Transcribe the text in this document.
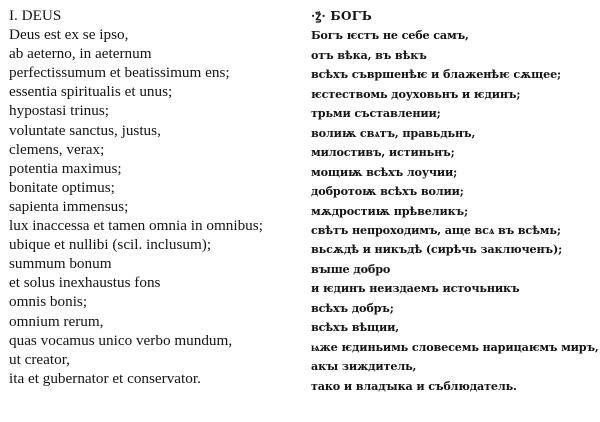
I. DEUS
Deus est ex se ipso,
ab aeterno, in aeternum
perfectissumum et beatissimum ens;
essentia spiritualis et unus;
hypostasi trinus;
voluntate sanctus, justus,
clemens, verax;
potentia maximus;
bonitate optimus;
sapienta immensus;
lux inaccessa et tamen omnia in omnibus;
ubique et nullibi (scil. inclusum);
summum bonum
et solus inexhaustus fons
omnis bonis;
omnium rerum,
quas vocamus unico verbo mundum,
ut creator,
ita et gubernator et conservator.
·ꙁ҃· БОГЪ
Богъ ѥстъ не себе самъ,
отъ вѣка, въ вѣкъ
всѣхъ съвршенѣѥ и блаженѣѥ сѫщее;
ѥстествомь доуховьнъ и ѥдинъ;
трьми съставлении;
волиѭ свѧтъ, правьдьнъ,
милостивъ, истиньнъ;
мощиѭ всѣхъ лоучии;
добротоѭ всѣхъ волии;
мѫдростиѭ прѣвеликъ;
свѣтъ непроходимъ, аще всѧ въ всѣмь;
вьсѫдѣ и никъдѣ (сирѣчь заключенъ);
вꙑше добро
и ѥдинъ неиздаемъ источьникъ
всѣхъ добръ;
всѣхъ вѣщии,
ѩже ѥдиньимь словесемь нарицаѥмъ миръ,
акꙑ зиждитель,
тако и владꙑка и съблюдатель.
